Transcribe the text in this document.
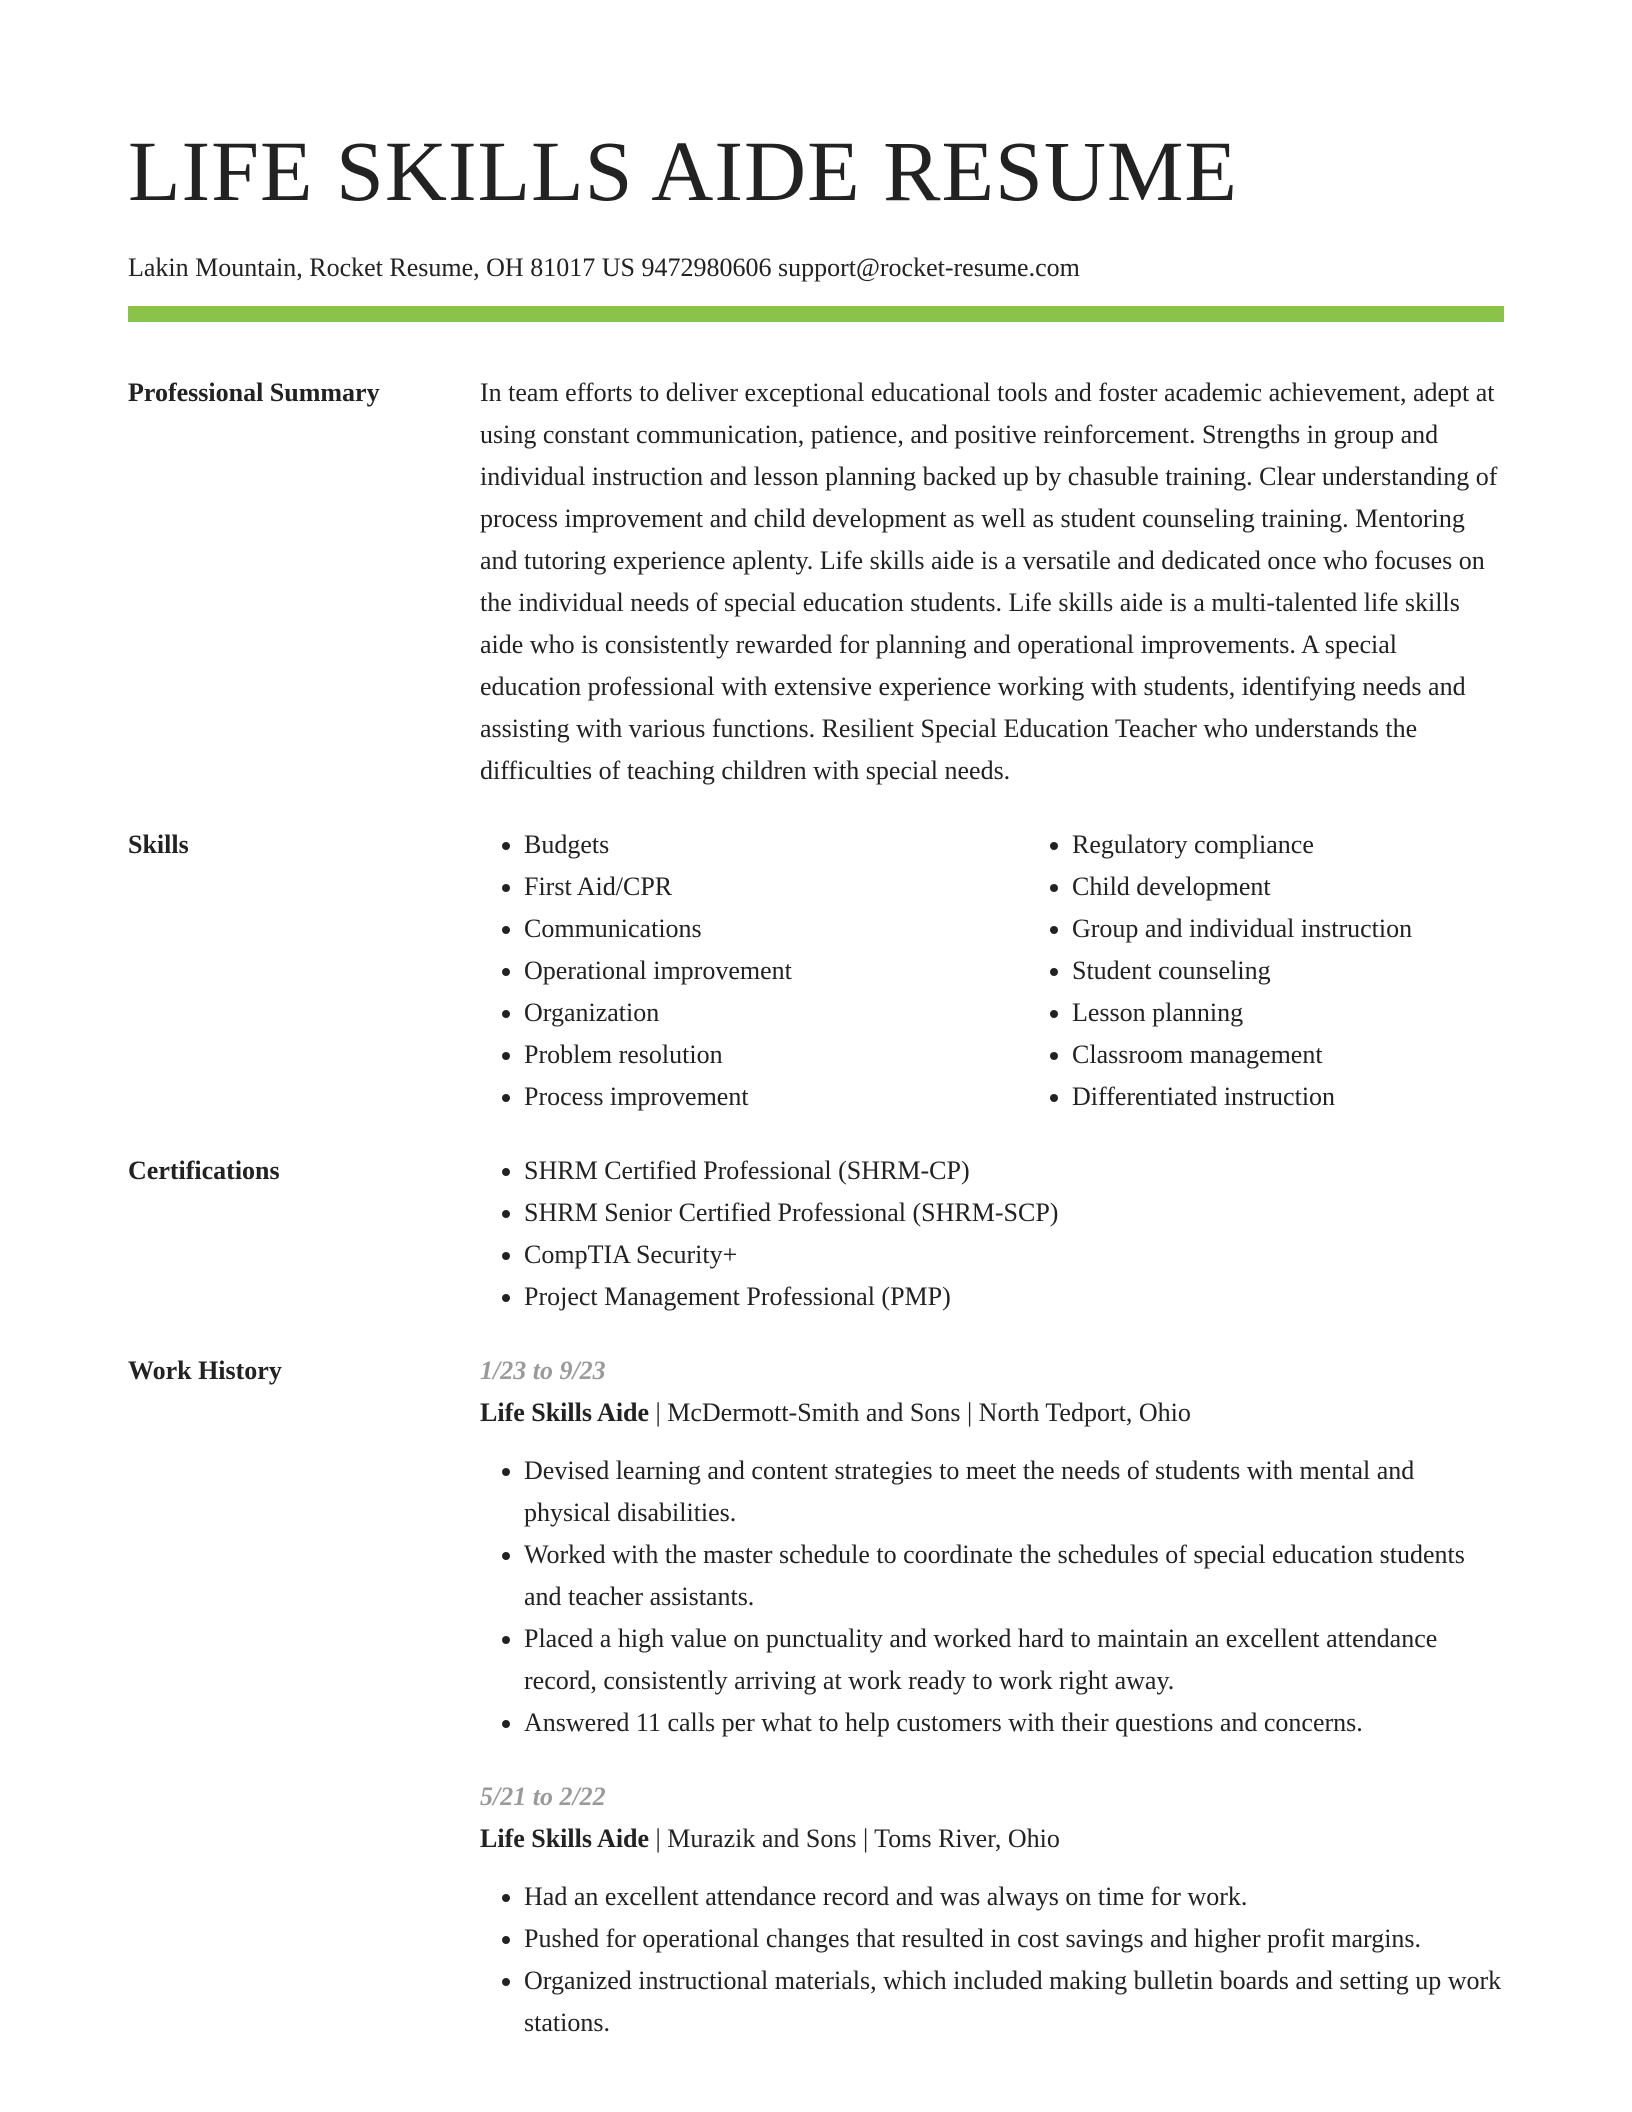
LIFE SKILLS AIDE RESUME
Lakin Mountain, Rocket Resume, OH 81017 US 9472980606 support@rocket-resume.com
Professional Summary	In team efforts to deliver exceptional educational tools and foster academic achievement, adept at using constant communication, patience, and positive reinforcement. Strengths in group and individual instruction and lesson planning backed up by chasuble training. Clear understanding of process improvement and child development as well as student counseling training. Mentoring and tutoring experience aplenty. Life skills aide is a versatile and dedicated once who focuses on the individual needs of special education students. Life skills aide is a multi-talented life skills aide who is consistently rewarded for planning and operational improvements. A special education professional with extensive experience working with students, identifying needs and assisting with various functions. Resilient Special Education Teacher who understands the difficulties of teaching children with special needs.

Skills	• Budgets
• First Aid/CPR
• Communications
• Operational improvement
• Organization
• Problem resolution
• Process improvement
• Regulatory compliance
• Child development
• Group and individual instruction
• Student counseling
• Lesson planning
• Classroom management
• Differentiated instruction
Certifications	• SHRM Certified Professional (SHRM-CP)
• SHRM Senior Certified Professional (SHRM-SCP)
• CompTIA Security+
• Project Management Professional (PMP)
Work History	1/23 to 9/23
Life Skills Aide | McDermott-Smith and Sons | North Tedport, Ohio
• Devised learning and content strategies to meet the needs of students with mental and physical disabilities.
• Worked with the master schedule to coordinate the schedules of special education students and teacher assistants.
• Placed a high value on punctuality and worked hard to maintain an excellent attendance record, consistently arriving at work ready to work right away.
• Answered 11 calls per what to help customers with their questions and concerns.
5/21 to 2/22
Life Skills Aide | Murazik and Sons | Toms River, Ohio
• Had an excellent attendance record and was always on time for work.
• Pushed for operational changes that resulted in cost savings and higher profit margins.
• Organized instructional materials, which included making bulletin boards and setting up work stations.
